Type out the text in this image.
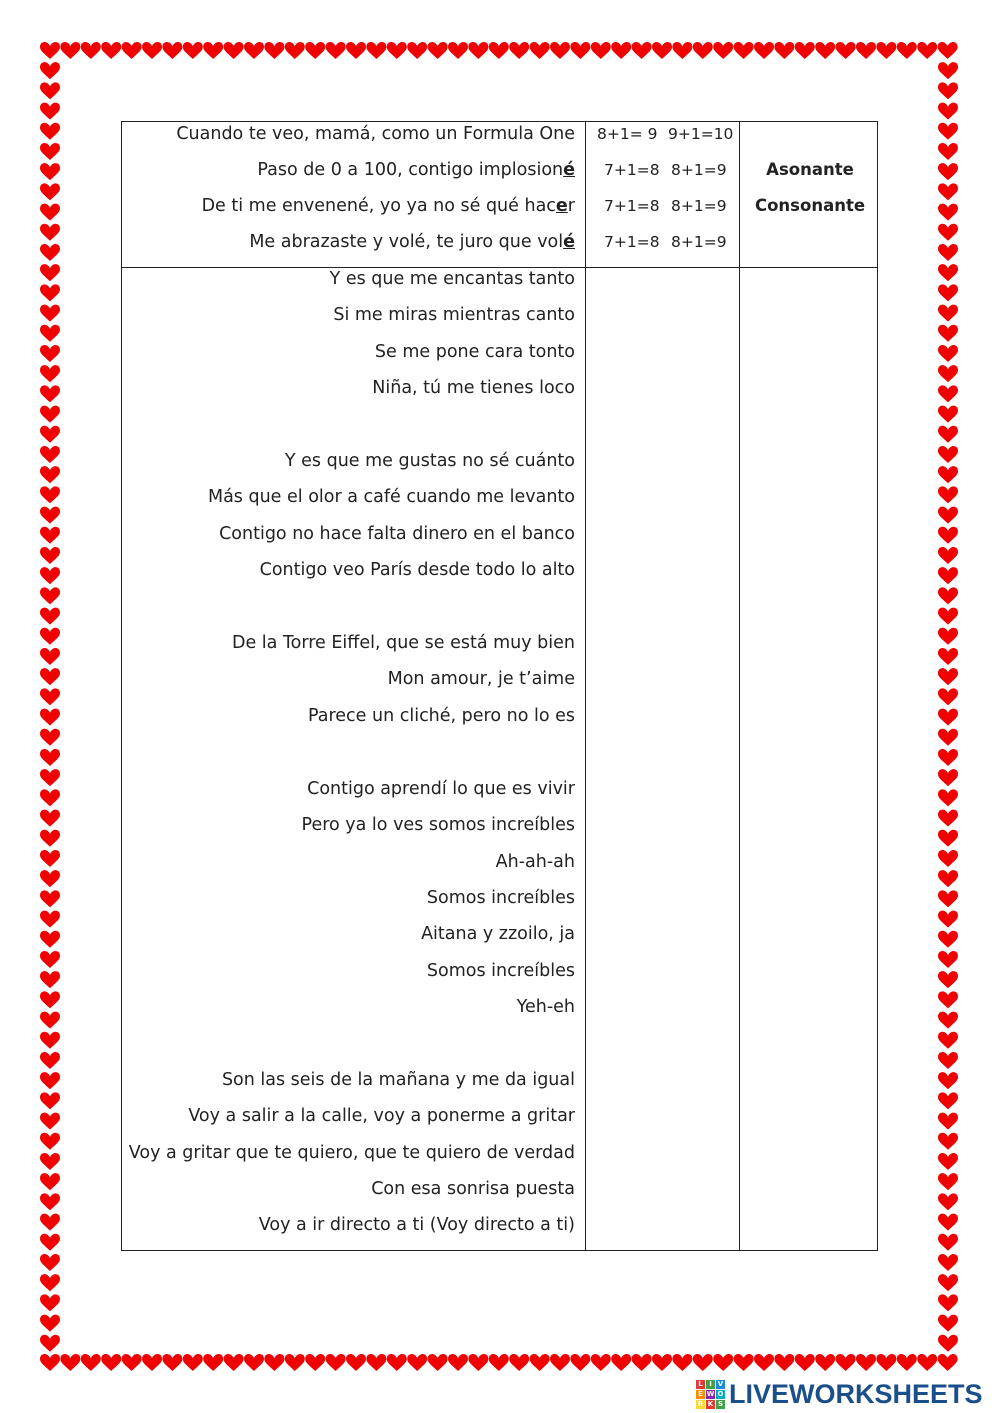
Cuando te veo, mamá, como un Formula One
Paso de 0 a 100, contigo implosioné
De ti me envenené, yo ya no sé qué hacer
Me abrazaste y volé, te juro que volé
8+1= 9 9+1=10
7+1=8 8+1=9
7+1=8 8+1=9
7+1=8 8+1=9
Asonante
Consonante
Y es que me encantas tanto
Si me miras mientras canto
Se me pone cara tonto
Niña, tú me tienes loco
Y es que me gustas no sé cuánto
Más que el olor a café cuando me levanto
Contigo no hace falta dinero en el banco
Contigo veo París desde todo lo alto
De la Torre Eiffel, que se está muy bien
Mon amour, je t’aime
Parece un cliché, pero no lo es
Contigo aprendí lo que es vivir
Pero ya lo ves somos increíbles
Ah-ah-ah
Somos increíbles
Aitana y zzoilo, ja
Somos increíbles
Yeh-eh
Son las seis de la mañana y me da igual
Voy a salir a la calle, voy a ponerme a gritar
Voy a gritar que te quiero, que te quiero de verdad
Con esa sonrisa puesta
Voy a ir directo a ti (Voy directo a ti)
L I V
E W O
R K S LIVEWORKSHEETS
